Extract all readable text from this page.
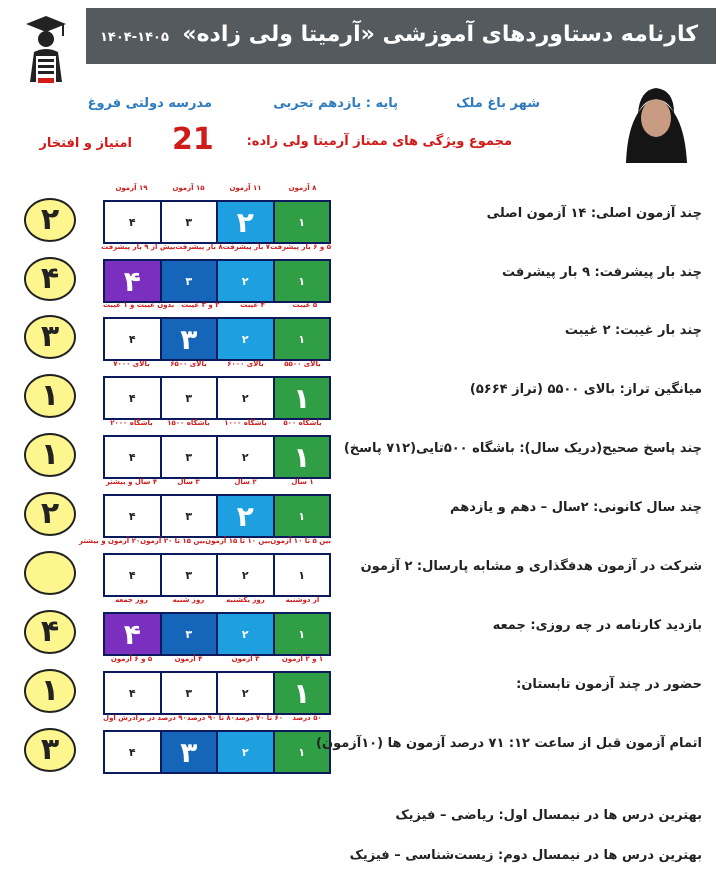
کارنامه دستاوردهای آموزشی «آرمیتا ولی زاده»
۱۴۰۴-۱۴۰۵
شهر باغ ملک
پایه : یازدهم تجربی
مدرسه دولتی فروغ
مجموع ویژگی های ممتاز آرمیتا ولی زاده:
21
امتیاز و افتخار
۸ آزمون
۱۱ آزمون
۱۵ آزمون
۱۹ آزمون
۱
۲
۳
۴
چند آزمون اصلی: ۱۴ آزمون اصلی
۲
۵ و ۶ بار پیشرفت
۷ بار پیشرفت
۸ بار پیشرفت
بیش از ۹ بار پیشرفت
۱
۲
۳
۴	چند بار پیشرفت: ۹ بار پیشرفت
۴
۵ غیبت
۴ غیبت
۲ و ۳ غیبت
بدون غیبت و ۱ غیبت
۱
۲
۳
۴
چند بار غیبت: ۲ غیبت
۳
بالای ۵۵۰۰
بالای ۶۰۰۰
بالای ۶۵۰۰
بالای ۷۰۰۰
۱
۲
۳
۴
میانگین تراز: بالای ۵۵۰۰ (تراز ۵۶۶۴)
۱
باشگاه ۵۰۰
باشگاه ۱۰۰۰
باشگاه ۱۵۰۰
باشگاه ۲۰۰۰
۱
۲
۳
۴
چند پاسخ صحیح(دریک سال): باشگاه ۵۰۰تایی(۷۱۲ پاسخ)
۱
۱ سال
۲ سال
۳ سال
۴ سال و بیشتر
۱
۲
۳
۴
چند سال کانونی: ۲سال – دهم و یازدهم
۲
بین ۵ تا ۱۰ آزمون
بین ۱۰ تا ۱۵ آزمون
بین ۱۵ تا ۲۰ آزمون
۲۰ آزمون و بیشتر
۱
۲
۳
۴
شرکت در آزمون هدفگذاری و مشابه پارسال: ۲ آزمون
از دوشنبه
روز یکشنبه
روز شنبه
روز جمعه
۱
۲
۳
۴	بازدید کارنامه در چه روزی: جمعه
۴
۱ و ۲ آزمون
۳ آزمون
۴ آزمون
۵ و ۶ آزمون
۱
۲
۳
۴
حضور در چند آزمون تابستان:
۱
۵۰ درصد
۶۰ تا ۷۰ درصد
۸۰ تا ۹۰ درصد
۹۰ درصد در برادرش اول
۱
۲
۳
۴
اتمام آزمون قبل از ساعت ۱۲: ۷۱ درصد آزمون ها (۱۰آزمون)
۳
بهترین درس ها در نیمسال اول: ریاضی – فیزیک
بهترین درس ها در نیمسال دوم: زیست‌شناسی – فیزیک
